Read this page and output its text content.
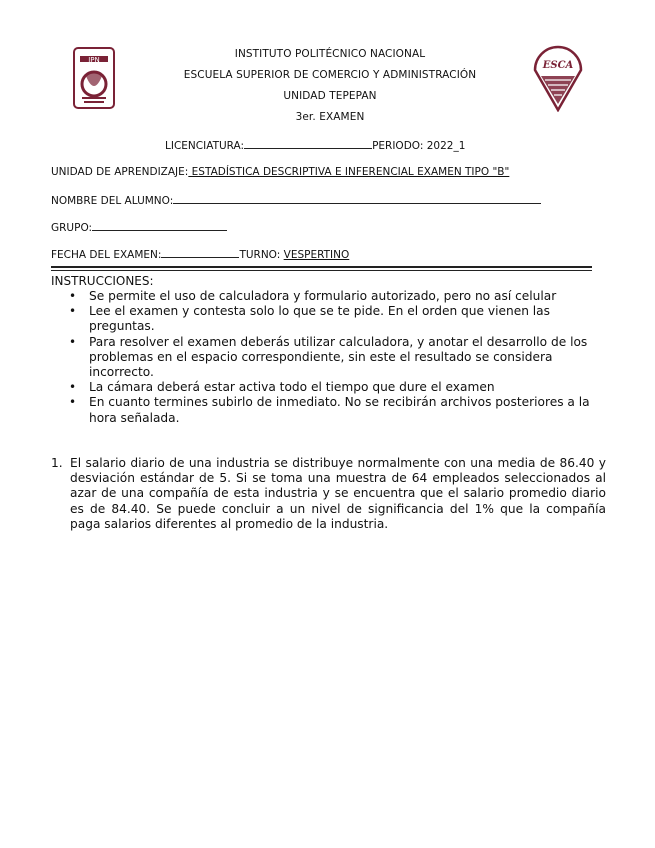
IPN	ESCA
INSTITUTO POLITÉCNICO NACIONAL
ESCUELA SUPERIOR DE COMERCIO Y ADMINISTRACIÓN
UNIDAD TEPEPAN
3er. EXAMEN
LICENCIATURA:	PERIODO: 2022_1
UNIDAD DE APRENDIZAJE: ESTADÍSTICA DESCRIPTIVA E INFERENCIAL EXAMEN TIPO "B"
NOMBRE DEL ALUMNO:
GRUPO:
FECHA DEL EXAMEN:	TURNO: VESPERTINO
INSTRUCCIONES:
• Se permite el uso de calculadora y formulario autorizado, pero no así celular
• Lee el examen y contesta solo lo que se te pide. En el orden que vienen las preguntas.
• Para resolver el examen deberás utilizar calculadora, y anotar el desarrollo de los problemas en el espacio correspondiente, sin este el resultado se considera incorrecto.
• La cámara deberá estar activa todo el tiempo que dure el examen
• En cuanto termines subirlo de inmediato. No se recibirán archivos posteriores a la hora señalada.
1. El salario diario de una industria se distribuye normalmente con una media de 86.40 y desviación estándar de 5. Si se toma una muestra de 64 empleados seleccionados al azar de una compañía de esta industria y se encuentra que el salario promedio diario es de 84.40. Se puede concluir a un nivel de significancia del 1% que la compañía paga salarios diferentes al promedio de la industria.
